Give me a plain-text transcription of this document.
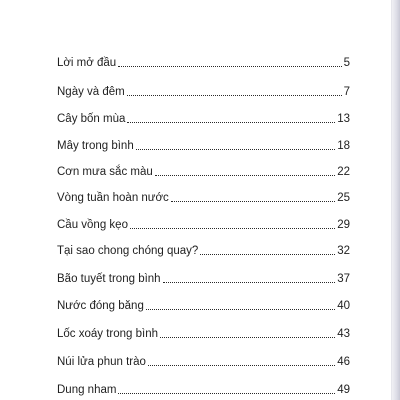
Lời mở đầu	5
Ngày và đêm	7
Cây bốn mùa	13
Mây trong bình	18
Cơn mưa sắc màu	22
Vòng tuần hoàn nước	25
Cầu vồng kẹo	29
Tại sao chong chóng quay?	32
Bão tuyết trong bình	37
Nước đóng băng	40
Lốc xoáy trong bình	43
Núi lửa phun trào	46
Dung nham	49
